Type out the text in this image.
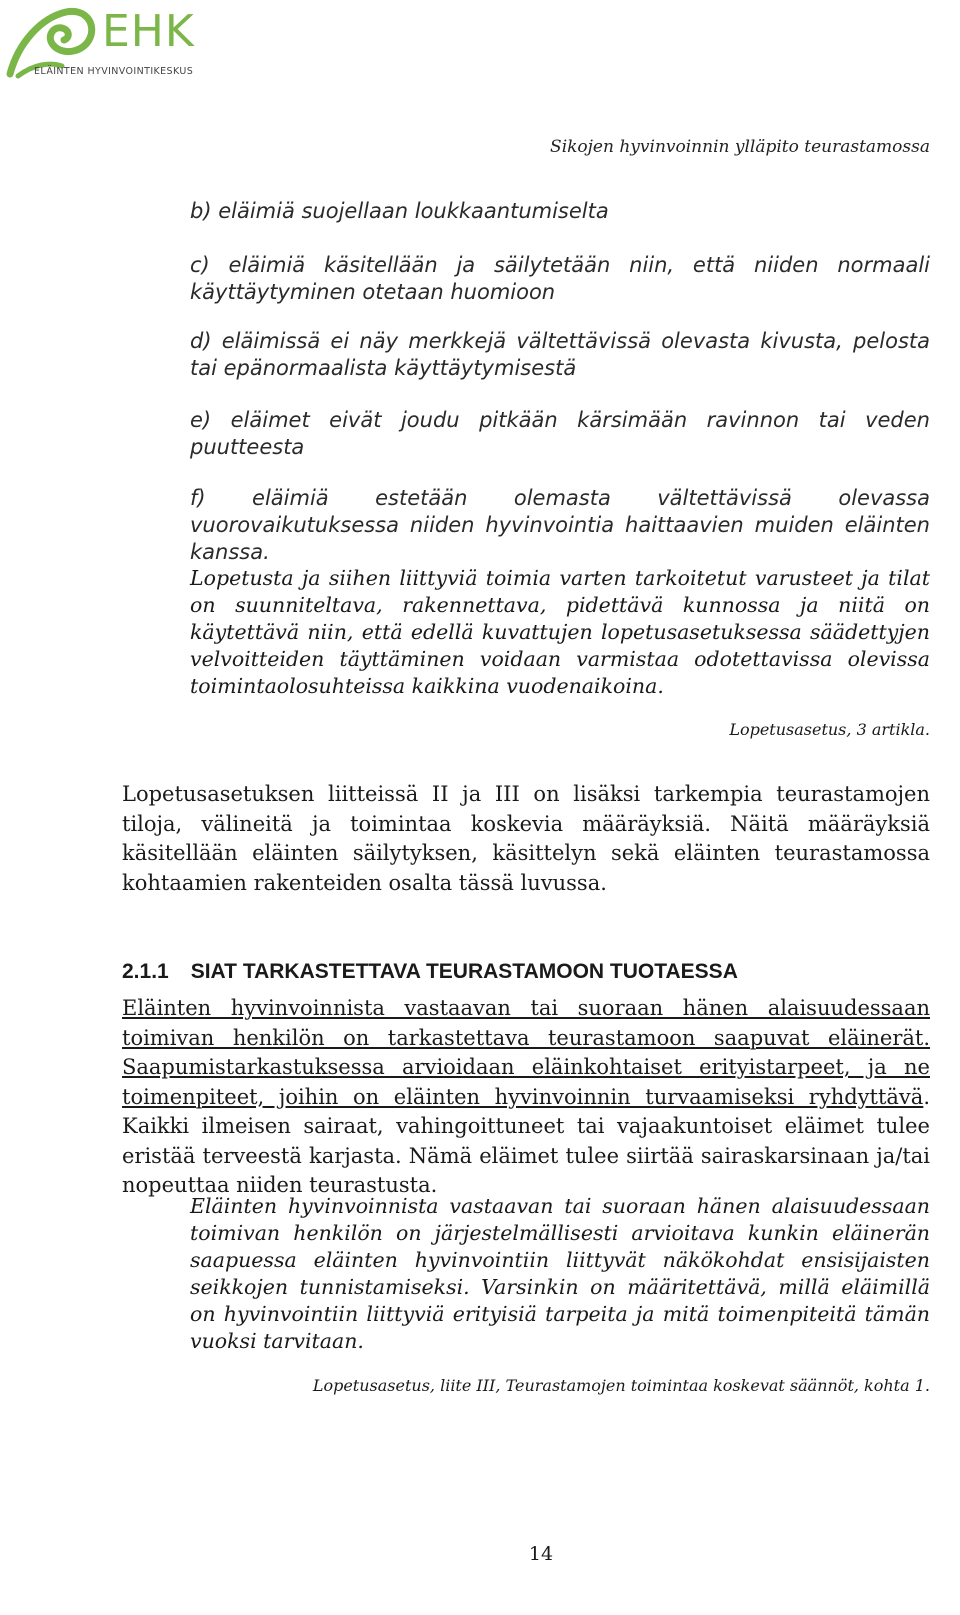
EHK
ELÄINTEN HYVINVOINTIKESKUS
Sikojen hyvinvoinnin ylläpito teurastamossa
b) eläimiä suojellaan loukkaantumiselta
c) eläimiä käsitellään ja säilytetään niin, että niiden normaali käyttäytyminen otetaan huomioon
d) eläimissä ei näy merkkejä vältettävissä olevasta kivusta, pelosta tai epänormaalista käyttäytymisestä
e) eläimet eivät joudu pitkään kärsimään ravinnon tai veden puutteesta
f) eläimiä estetään olemasta vältettävissä olevassa vuorovaikutuksessa niiden hyvinvointia haittaavien muiden eläinten kanssa.
Lopetusta ja siihen liittyviä toimia varten tarkoitetut varusteet ja tilat on suunniteltava, rakennettava, pidettävä kunnossa ja niitä on käytettävä niin, että edellä kuvattujen lopetusasetuksessa säädettyjen velvoitteiden täyttäminen voidaan varmistaa odotettavissa olevissa toimintaolosuhteissa kaikkina vuodenaikoina.
Lopetusasetus, 3 artikla.
Lopetusasetuksen liitteissä II ja III on lisäksi tarkempia teurastamojen tiloja, välineitä ja toimintaa koskevia määräyksiä. Näitä määräyksiä käsitellään eläinten säilytyksen, käsittelyn sekä eläinten teurastamossa kohtaamien rakenteiden osalta tässä luvussa.
2.1.1 SIAT TARKASTETTAVA TEURASTAMOON TUOTAESSA
Eläinten hyvinvoinnista vastaavan tai suoraan hänen alaisuudessaan toimivan henkilön on tarkastettava teurastamoon saapuvat eläinerät. Saapumistarkastuksessa arvioidaan eläinkohtaiset erityistarpeet, ja ne toimenpiteet, joihin on eläinten hyvinvoinnin turvaamiseksi ryhdyttävä. Kaikki ilmeisen sairaat, vahingoittuneet tai vajaakuntoiset eläimet tulee eristää terveestä karjasta. Nämä eläimet tulee siirtää sairaskarsinaan ja/tai nopeuttaa niiden teurastusta.
Eläinten hyvinvoinnista vastaavan tai suoraan hänen alaisuudessaan toimivan henkilön on järjestelmällisesti arvioitava kunkin eläinerän saapuessa eläinten hyvinvointiin liittyvät näkökohdat ensisijaisten seikkojen tunnistamiseksi. Varsinkin on määritettävä, millä eläimillä on hyvinvointiin liittyviä erityisiä tarpeita ja mitä toimenpiteitä tämän vuoksi tarvitaan.
Lopetusasetus, liite III, Teurastamojen toimintaa koskevat säännöt, kohta 1.
14
